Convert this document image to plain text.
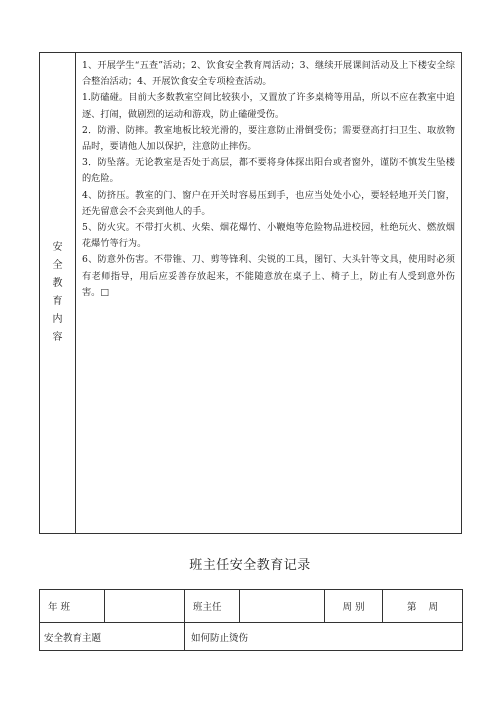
安
全
教
育
内
容

1、开展学生“五查”活动；2、饮食安全教育周活动；3、继续开展课间活动及上下楼安全综合整治活动；4、开展饮食安全专项检查活动。

1.防磕碰。目前大多数教室空间比较狭小，又置放了许多桌椅等用品，所以不应在教室中追逐、打闹，做剧烈的运动和游戏，防止磕碰受伤。

2．防滑、防摔。教室地板比较光滑的，要注意防止滑倒受伤；需要登高打扫卫生、取放物品时，要请他人加以保护，注意防止摔伤。

3．防坠落。无论教室是否处于高层，都不要将身体探出阳台或者窗外，谨防不慎发生坠楼的危险。

4、防挤压。教室的门、窗户在开关时容易压到手，也应当处处小心，要轻轻地开关门窗，还先留意会不会夹到他人的手。

5、防火灾。不带打火机、火柴、烟花爆竹、小鞭炮等危险物品进校园，杜绝玩火、燃放烟花爆竹等行为。

6、防意外伤害。不带锥、刀、剪等锋利、尖锐的工具，图钉、大头针等文具，使用时必须有老师指导，用后应妥善存放起来，不能随意放在桌子上、椅子上，防止有人受到意外伤害。□

班主任安全教育记录
年 班		班主任		周 别	第    周
安全教育主题		如何防止烫伤			
